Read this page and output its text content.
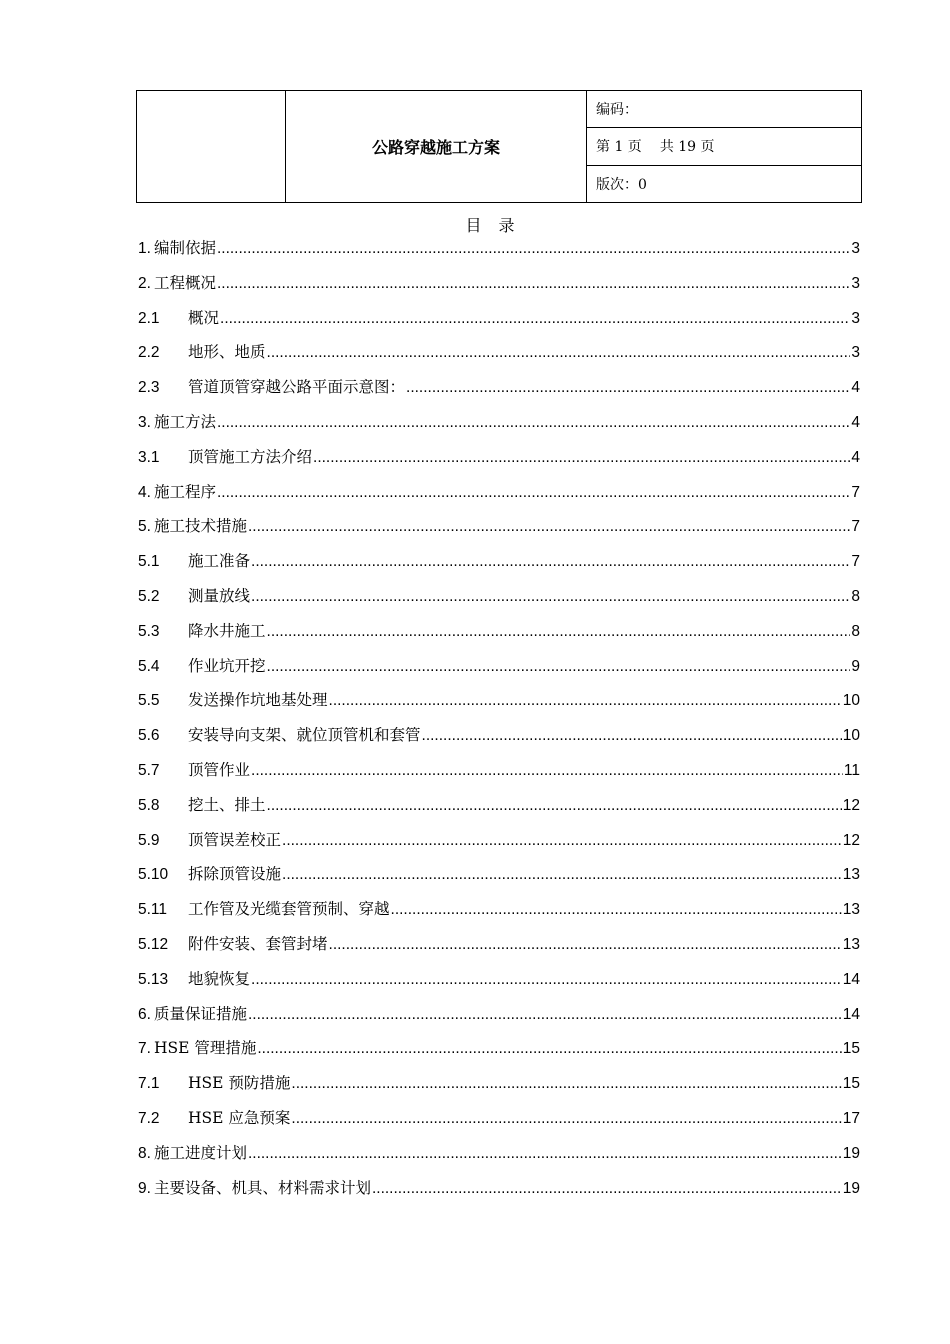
	公路穿越施工方案	编码：
第 1 页 共 19 页
版次：0
目 录
1. 编制依据 .....	3
2. 工程概况 .....	3
2.1	概况 .....	3
2.2	地形、地质 .....	3
2.3	管道顶管穿越公路平面示意图： .....	4
3. 施工方法 .....	4
3.1	顶管施工方法介绍 .....	4
4. 施工程序 .....	7
5. 施工技术措施 .....	7
5.1	施工准备 .....	7
5.2	测量放线 .....	8
5.3	降水井施工 .....	8
5.4	作业坑开挖 .....	9
5.5	发送操作坑地基处理 .....	10
5.6	安装导向支架、就位顶管机和套管 .....	10
5.7	顶管作业 .....	11
5.8	挖土、排土 .....	12
5.9	顶管误差校正 .....	12
5.10	拆除顶管设施 .....	13
5.11	工作管及光缆套管预制、穿越 .....	13
5.12	附件安装、套管封堵 .....	13
5.13	地貌恢复 .....	14
6. 质量保证措施 .....	14
7. HSE 管理措施 .....	15
7.1	HSE 预防措施 .....	15
7.2	HSE 应急预案 .....	17
8. 施工进度计划 .....	19
9. 主要设备、机具、材料需求计划 .....	19
